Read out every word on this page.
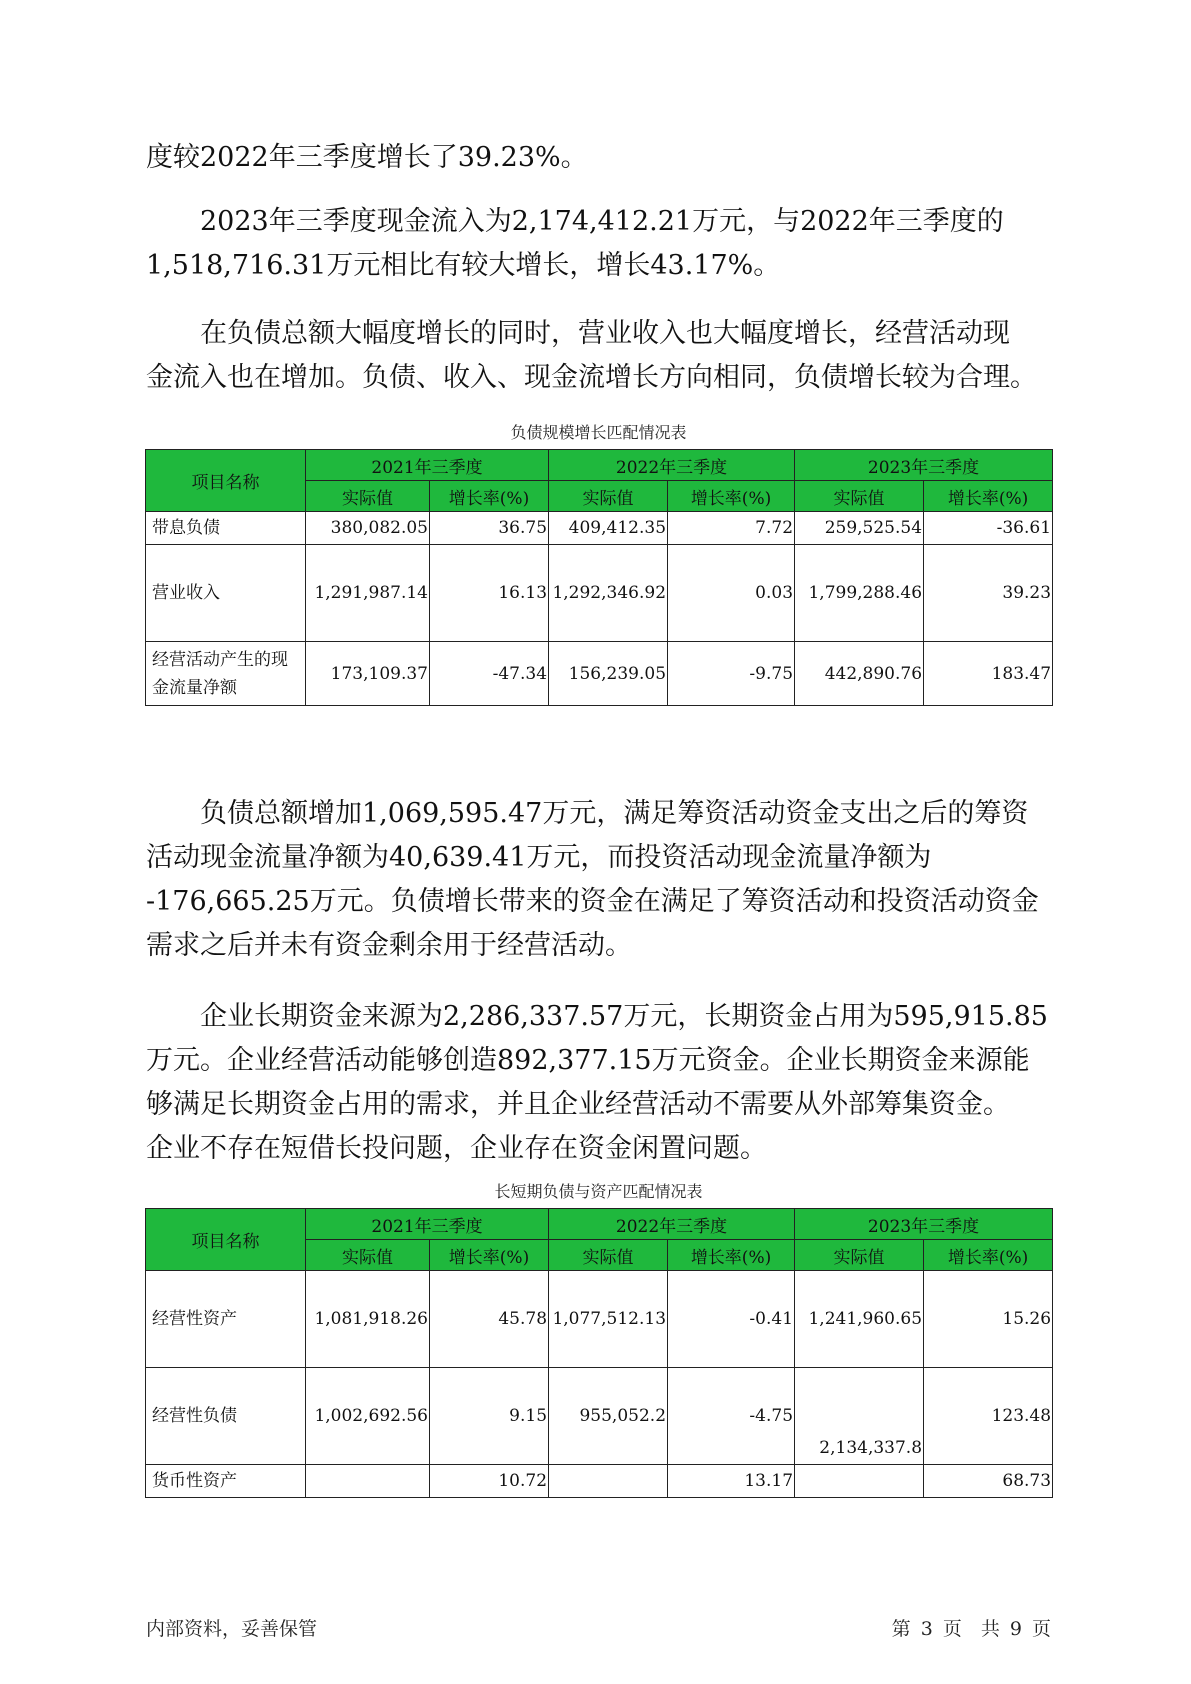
度较2022年三季度增长了39.23%。
　　2023年三季度现金流入为2,174,412.21万元，与2022年三季度的
1,518,716.31万元相比有较大增长，增长43.17%。
　　在负债总额大幅度增长的同时，营业收入也大幅度增长，经营活动现
金流入也在增加。负债、收入、现金流增长方向相同，负债增长较为合理。
负债规模增长匹配情况表
项目名称	2021年三季度		2022年三季度		2023年三季度	
	实际值	增长率(%)	实际值	增长率(%)	实际值	增长率(%)
带息负债	380,082.05	36.75	409,412.35	7.72	259,525.54	-36.61
营业收入	1,291,987.14	16.13	1,292,346.92	0.03	1,799,288.46	39.23
经营活动产生的现金流量净额	173,109.37	-47.34	156,239.05	-9.75	442,890.76	183.47
　　负债总额增加1,069,595.47万元，满足筹资活动资金支出之后的筹资
活动现金流量净额为40,639.41万元，而投资活动现金流量净额为
-176,665.25万元。负债增长带来的资金在满足了筹资活动和投资活动资金
需求之后并未有资金剩余用于经营活动。
　　企业长期资金来源为2,286,337.57万元，长期资金占用为595,915.85
万元。企业经营活动能够创造892,377.15万元资金。企业长期资金来源能
够满足长期资金占用的需求，并且企业经营活动不需要从外部筹集资金。
企业不存在短借长投问题，企业存在资金闲置问题。
长短期负债与资产匹配情况表
项目名称	2021年三季度		2022年三季度		2023年三季度	
	实际值	增长率(%)	实际值	增长率(%)	实际值	增长率(%)
经营性资产	1,081,918.26	45.78	1,077,512.13	-0.41	1,241,960.65	15.26
经营性负债	1,002,692.56	9.15	955,052.2	-4.75	2,134,337.8	123.48
货币性资产		10.72		13.17		68.73
内部资料，妥善保管	第 3 页　共 9 页
